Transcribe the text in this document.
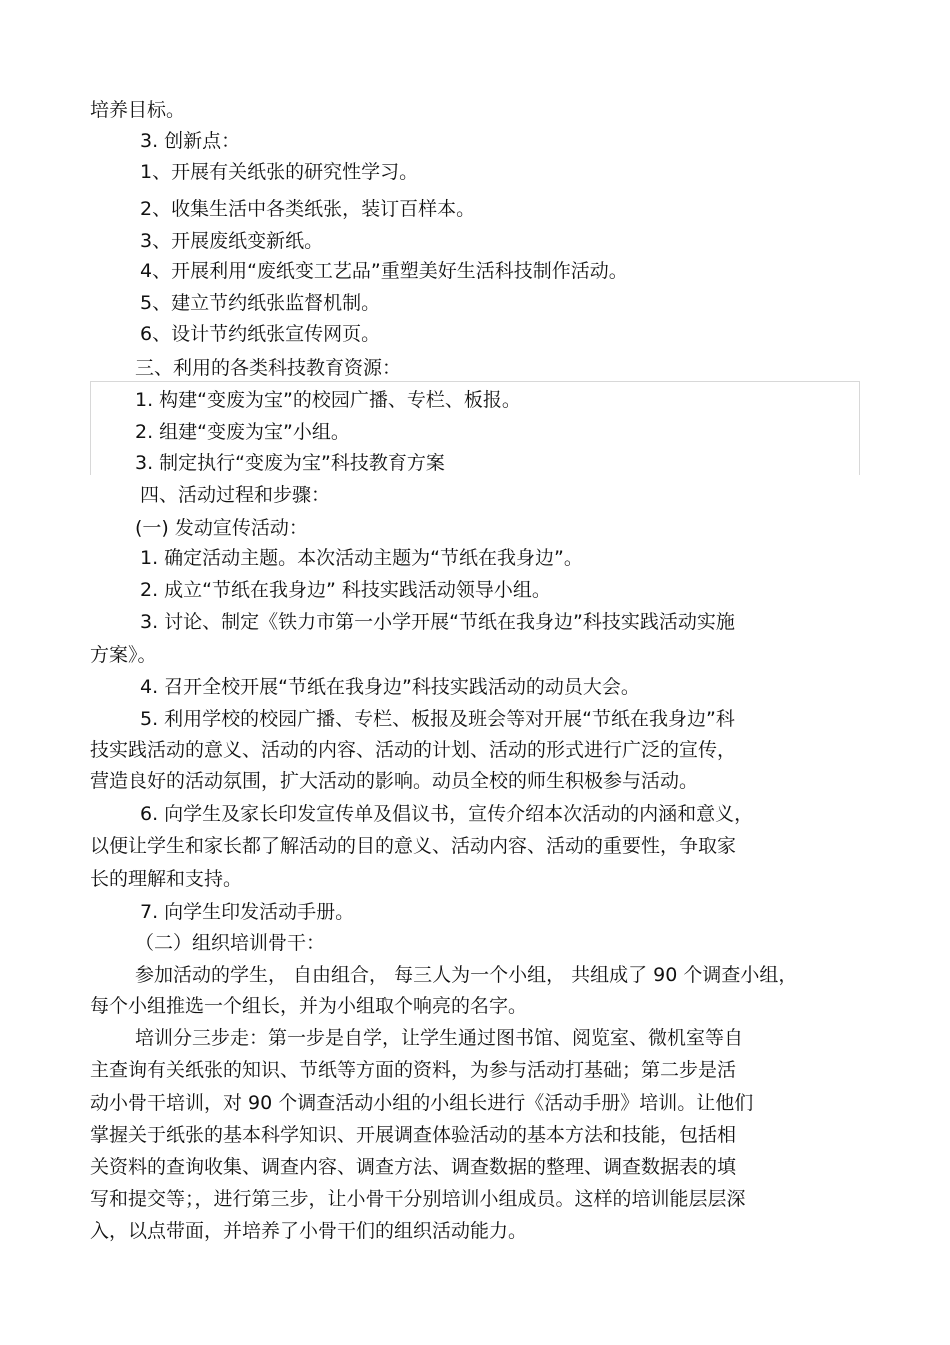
培养目标。

3. 创新点：

1、开展有关纸张的研究性学习。

2、收集生活中各类纸张，装订百样本。

3、开展废纸变新纸。

4、开展利用“废纸变工艺品”重塑美好生活科技制作活动。

5、建立节约纸张监督机制。

6、设计节约纸张宣传网页。

三、利用的各类科技教育资源：

1. 构建“变废为宝”的校园广播、专栏、板报。

2. 组建“变废为宝”小组。

3. 制定执行“变废为宝”科技教育方案

四、活动过程和步骤：

(一) 发动宣传活动：

1. 确定活动主题。本次活动主题为“节纸在我身边”。

2. 成立“节纸在我身边” 科技实践活动领导小组。

3. 讨论、制定《铁力市第一小学开展“节纸在我身边”科技实践活动实施

方案》。

4. 召开全校开展“节纸在我身边”科技实践活动的动员大会。

5. 利用学校的校园广播、专栏、板报及班会等对开展“节纸在我身边”科

技实践活动的意义、活动的内容、活动的计划、活动的形式进行广泛的宣传，

营造良好的活动氛围，扩大活动的影响。动员全校的师生积极参与活动。

6. 向学生及家长印发宣传单及倡议书，宣传介绍本次活动的内涵和意义，

以便让学生和家长都了解活动的目的意义、活动内容、活动的重要性，争取家

长的理解和支持。

7. 向学生印发活动手册。

（二）组织培训骨干：

参加活动的学生， 自由组合， 每三人为一个小组， 共组成了 90 个调查小组，

每个小组推选一个组长，并为小组取个响亮的名字。

培训分三步走：第一步是自学，让学生通过图书馆、阅览室、微机室等自

主查询有关纸张的知识、节纸等方面的资料，为参与活动打基础；第二步是活

动小骨干培训，对 90 个调查活动小组的小组长进行《活动手册》培训。让他们

掌握关于纸张的基本科学知识、开展调查体验活动的基本方法和技能，包括相

关资料的查询收集、调查内容、调查方法、调查数据的整理、调查数据表的填

写和提交等；，进行第三步，让小骨干分别培训小组成员。这样的培训能层层深

入，以点带面，并培养了小骨干们的组织活动能力。
